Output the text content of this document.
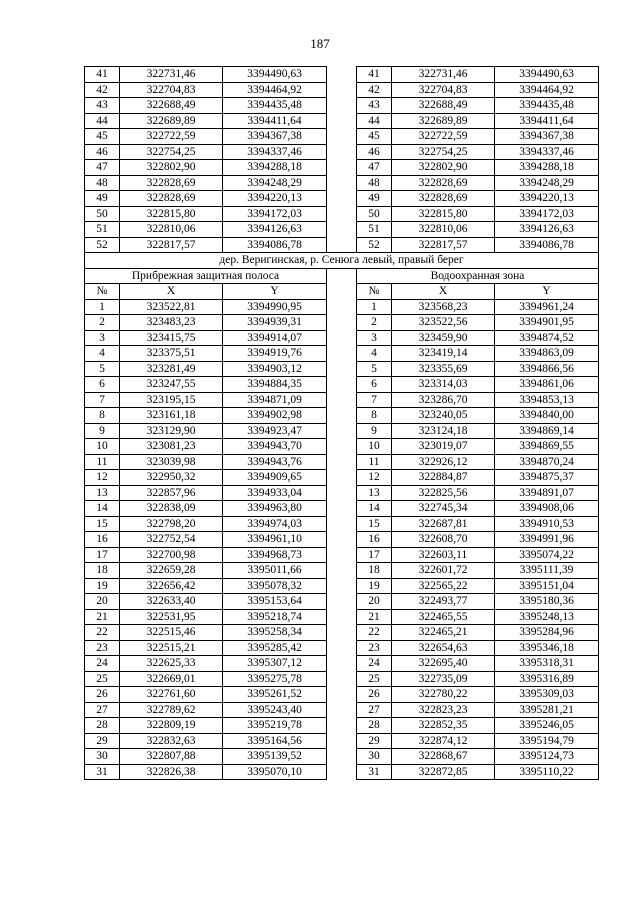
187
41	322731,46	3394490,63		41	322731,46	3394490,63
42	322704,83	3394464,92		42	322704,83	3394464,92
43	322688,49	3394435,48		43	322688,49	3394435,48
44	322689,89	3394411,64		44	322689,89	3394411,64
45	322722,59	3394367,38		45	322722,59	3394367,38
46	322754,25	3394337,46		46	322754,25	3394337,46
47	322802,90	3394288,18		47	322802,90	3394288,18
48	322828,69	3394248,29		48	322828,69	3394248,29
49	322828,69	3394220,13		49	322828,69	3394220,13
50	322815,80	3394172,03		50	322815,80	3394172,03
51	322810,06	3394126,63		51	322810,06	3394126,63
52	322817,57	3394086,78		52	322817,57	3394086,78
дер. Веригинская, р. Сенюга левый, правый берег						
Прибрежная защитная полоса				Водоохранная зона		
№	X	Y		№	X	Y
1	323522,81	3394990,95		1	323568,23	3394961,24
2	323483,23	3394939,31		2	323522,56	3394901,95
3	323415,75	3394914,07		3	323459,90	3394874,52
4	323375,51	3394919,76		4	323419,14	3394863,09
5	323281,49	3394903,12		5	323355,69	3394866,56
6	323247,55	3394884,35		6	323314,03	3394861,06
7	323195,15	3394871,09		7	323286,70	3394853,13
8	323161,18	3394902,98		8	323240,05	3394840,00
9	323129,90	3394923,47		9	323124,18	3394869,14
10	323081,23	3394943,70		10	323019,07	3394869,55
11	323039,98	3394943,76		11	322926,12	3394870,24
12	322950,32	3394909,65		12	322884,87	3394875,37
13	322857,96	3394933,04		13	322825,56	3394891,07
14	322838,09	3394963,80		14	322745,34	3394908,06
15	322798,20	3394974,03		15	322687,81	3394910,53
16	322752,54	3394961,10		16	322608,70	3394991,96
17	322700,98	3394968,73		17	322603,11	3395074,22
18	322659,28	3395011,66		18	322601,72	3395111,39
19	322656,42	3395078,32		19	322565,22	3395151,04
20	322633,40	3395153,64		20	322493,77	3395180,36
21	322531,95	3395218,74		21	322465,55	3395248,13
22	322515,46	3395258,34		22	322465,21	3395284,96
23	322515,21	3395285,42		23	322654,63	3395346,18
24	322625,33	3395307,12		24	322695,40	3395318,31
25	322669,01	3395275,78		25	322735,09	3395316,89
26	322761,60	3395261,52		26	322780,22	3395309,03
27	322789,62	3395243,40		27	322823,23	3395281,21
28	322809,19	3395219,78		28	322852,35	3395246,05
29	322832,63	3395164,56		29	322874,12	3395194,79
30	322807,88	3395139,52		30	322868,67	3395124,73
31	322826,38	3395070,10		31	322872,85	3395110,22
